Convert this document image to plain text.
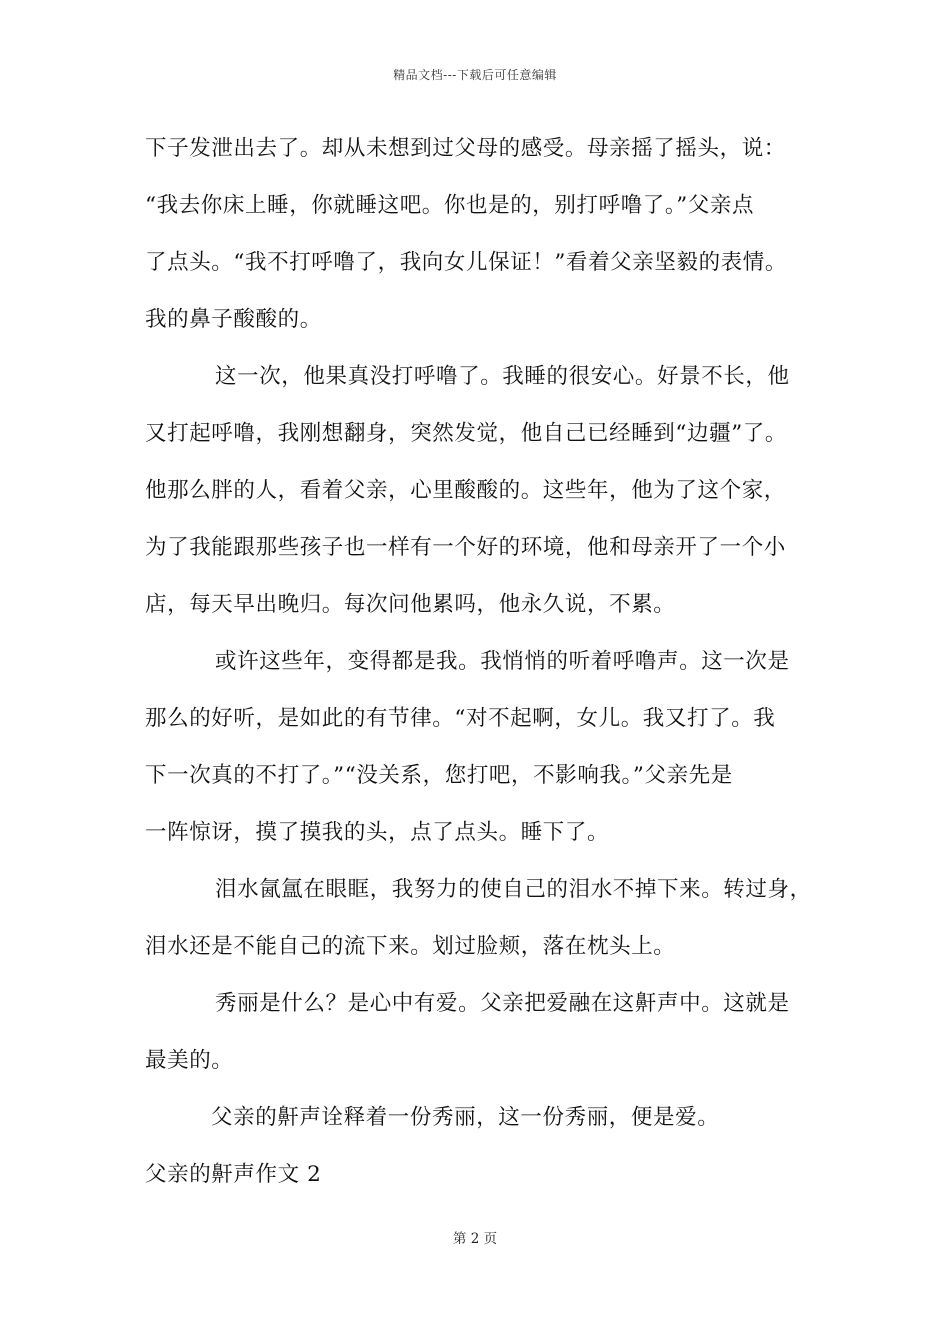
精品文档---下载后可任意编辑
下子发泄出去了。却从未想到过父母的感受。母亲摇了摇头，说：
“我去你床上睡，你就睡这吧。你也是的，别打呼噜了。”父亲点
了点头。“我不打呼噜了，我向女儿保证！”看着父亲坚毅的表情。
我的鼻子酸酸的。
这一次，他果真没打呼噜了。我睡的很安心。好景不长，他
又打起呼噜，我刚想翻身，突然发觉，他自己已经睡到“边疆”了。
他那么胖的人，看着父亲，心里酸酸的。这些年，他为了这个家，
为了我能跟那些孩子也一样有一个好的环境，他和母亲开了一个小
店，每天早出晚归。每次问他累吗，他永久说，不累。
或许这些年，变得都是我。我悄悄的听着呼噜声。这一次是
那么的好听，是如此的有节律。“对不起啊，女儿。我又打了。我
下一次真的不打了。”“没关系，您打吧，不影响我。”父亲先是
一阵惊讶，摸了摸我的头，点了点头。睡下了。
泪水氤氲在眼眶，我努力的使自己的泪水不掉下来。转过身，
泪水还是不能自己的流下来。划过脸颊，落在枕头上。
秀丽是什么？是心中有爱。父亲把爱融在这鼾声中。这就是
最美的。
父亲的鼾声诠释着一份秀丽，这一份秀丽，便是爱。
父亲的鼾声作文 2
第 2 页
